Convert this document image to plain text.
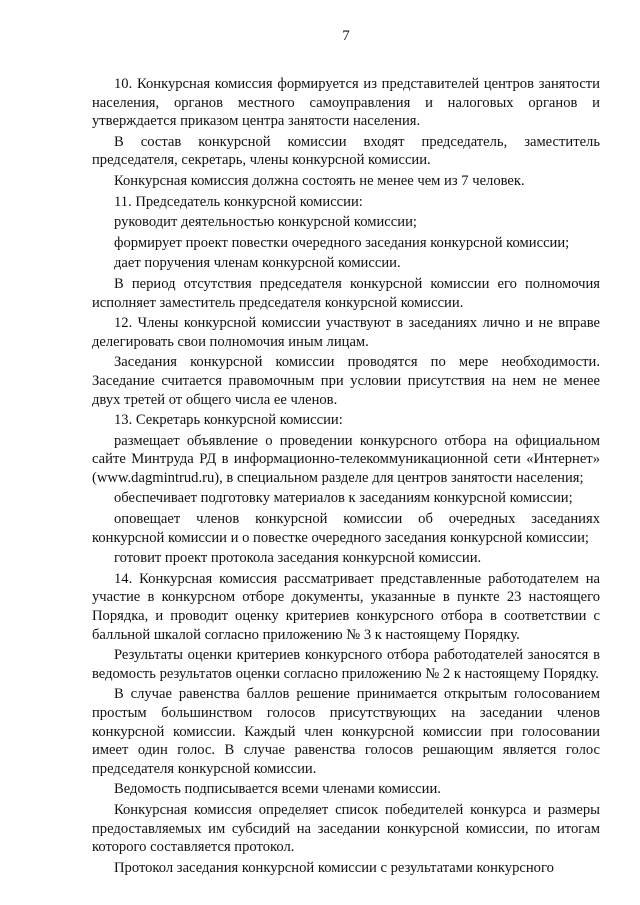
7

10. Конкурсная комиссия формируется из представителей центров занятости населения, органов местного самоуправления и налоговых органов и утверждается приказом центра занятости населения.

В состав конкурсной комиссии входят председатель, заместитель председателя, секретарь, члены конкурсной комиссии.

Конкурсная комиссия должна состоять не менее чем из 7 человек.

11. Председатель конкурсной комиссии:

руководит деятельностью конкурсной комиссии;

формирует проект повестки очередного заседания конкурсной комиссии;

дает поручения членам конкурсной комиссии.

В период отсутствия председателя конкурсной комиссии его полномочия исполняет заместитель председателя конкурсной комиссии.

12. Члены конкурсной комиссии участвуют в заседаниях лично и не вправе делегировать свои полномочия иным лицам.

Заседания конкурсной комиссии проводятся по мере необходимости. Заседание считается правомочным при условии присутствия на нем не менее двух третей от общего числа ее членов.

13. Секретарь конкурсной комиссии:

размещает объявление о проведении конкурсного отбора на официальном сайте Минтруда РД в информационно-телекоммуникационной сети «Интернет» (www.dagmintrud.ru), в специальном разделе для центров занятости населения;

обеспечивает подготовку материалов к заседаниям конкурсной комиссии;

оповещает членов конкурсной комиссии об очередных заседаниях конкурсной комиссии и о повестке очередного заседания конкурсной комиссии;

готовит проект протокола заседания конкурсной комиссии.

14. Конкурсная комиссия рассматривает представленные работодателем на участие в конкурсном отборе документы, указанные в пункте 23 настоящего Порядка, и проводит оценку критериев конкурсного отбора в соответствии с балльной шкалой согласно приложению № 3 к настоящему Порядку.

Результаты оценки критериев конкурсного отбора работодателей заносятся в ведомость результатов оценки согласно приложению № 2 к настоящему Порядку.

В случае равенства баллов решение принимается открытым голосованием простым большинством голосов присутствующих на заседании членов конкурсной комиссии. Каждый член конкурсной комиссии при голосовании имеет один голос. В случае равенства голосов решающим является голос председателя конкурсной комиссии.

Ведомость подписывается всеми членами комиссии.

Конкурсная комиссия определяет список победителей конкурса и размеры предоставляемых им субсидий на заседании конкурсной комиссии, по итогам которого составляется протокол.

Протокол заседания конкурсной комиссии с результатами конкурсного
